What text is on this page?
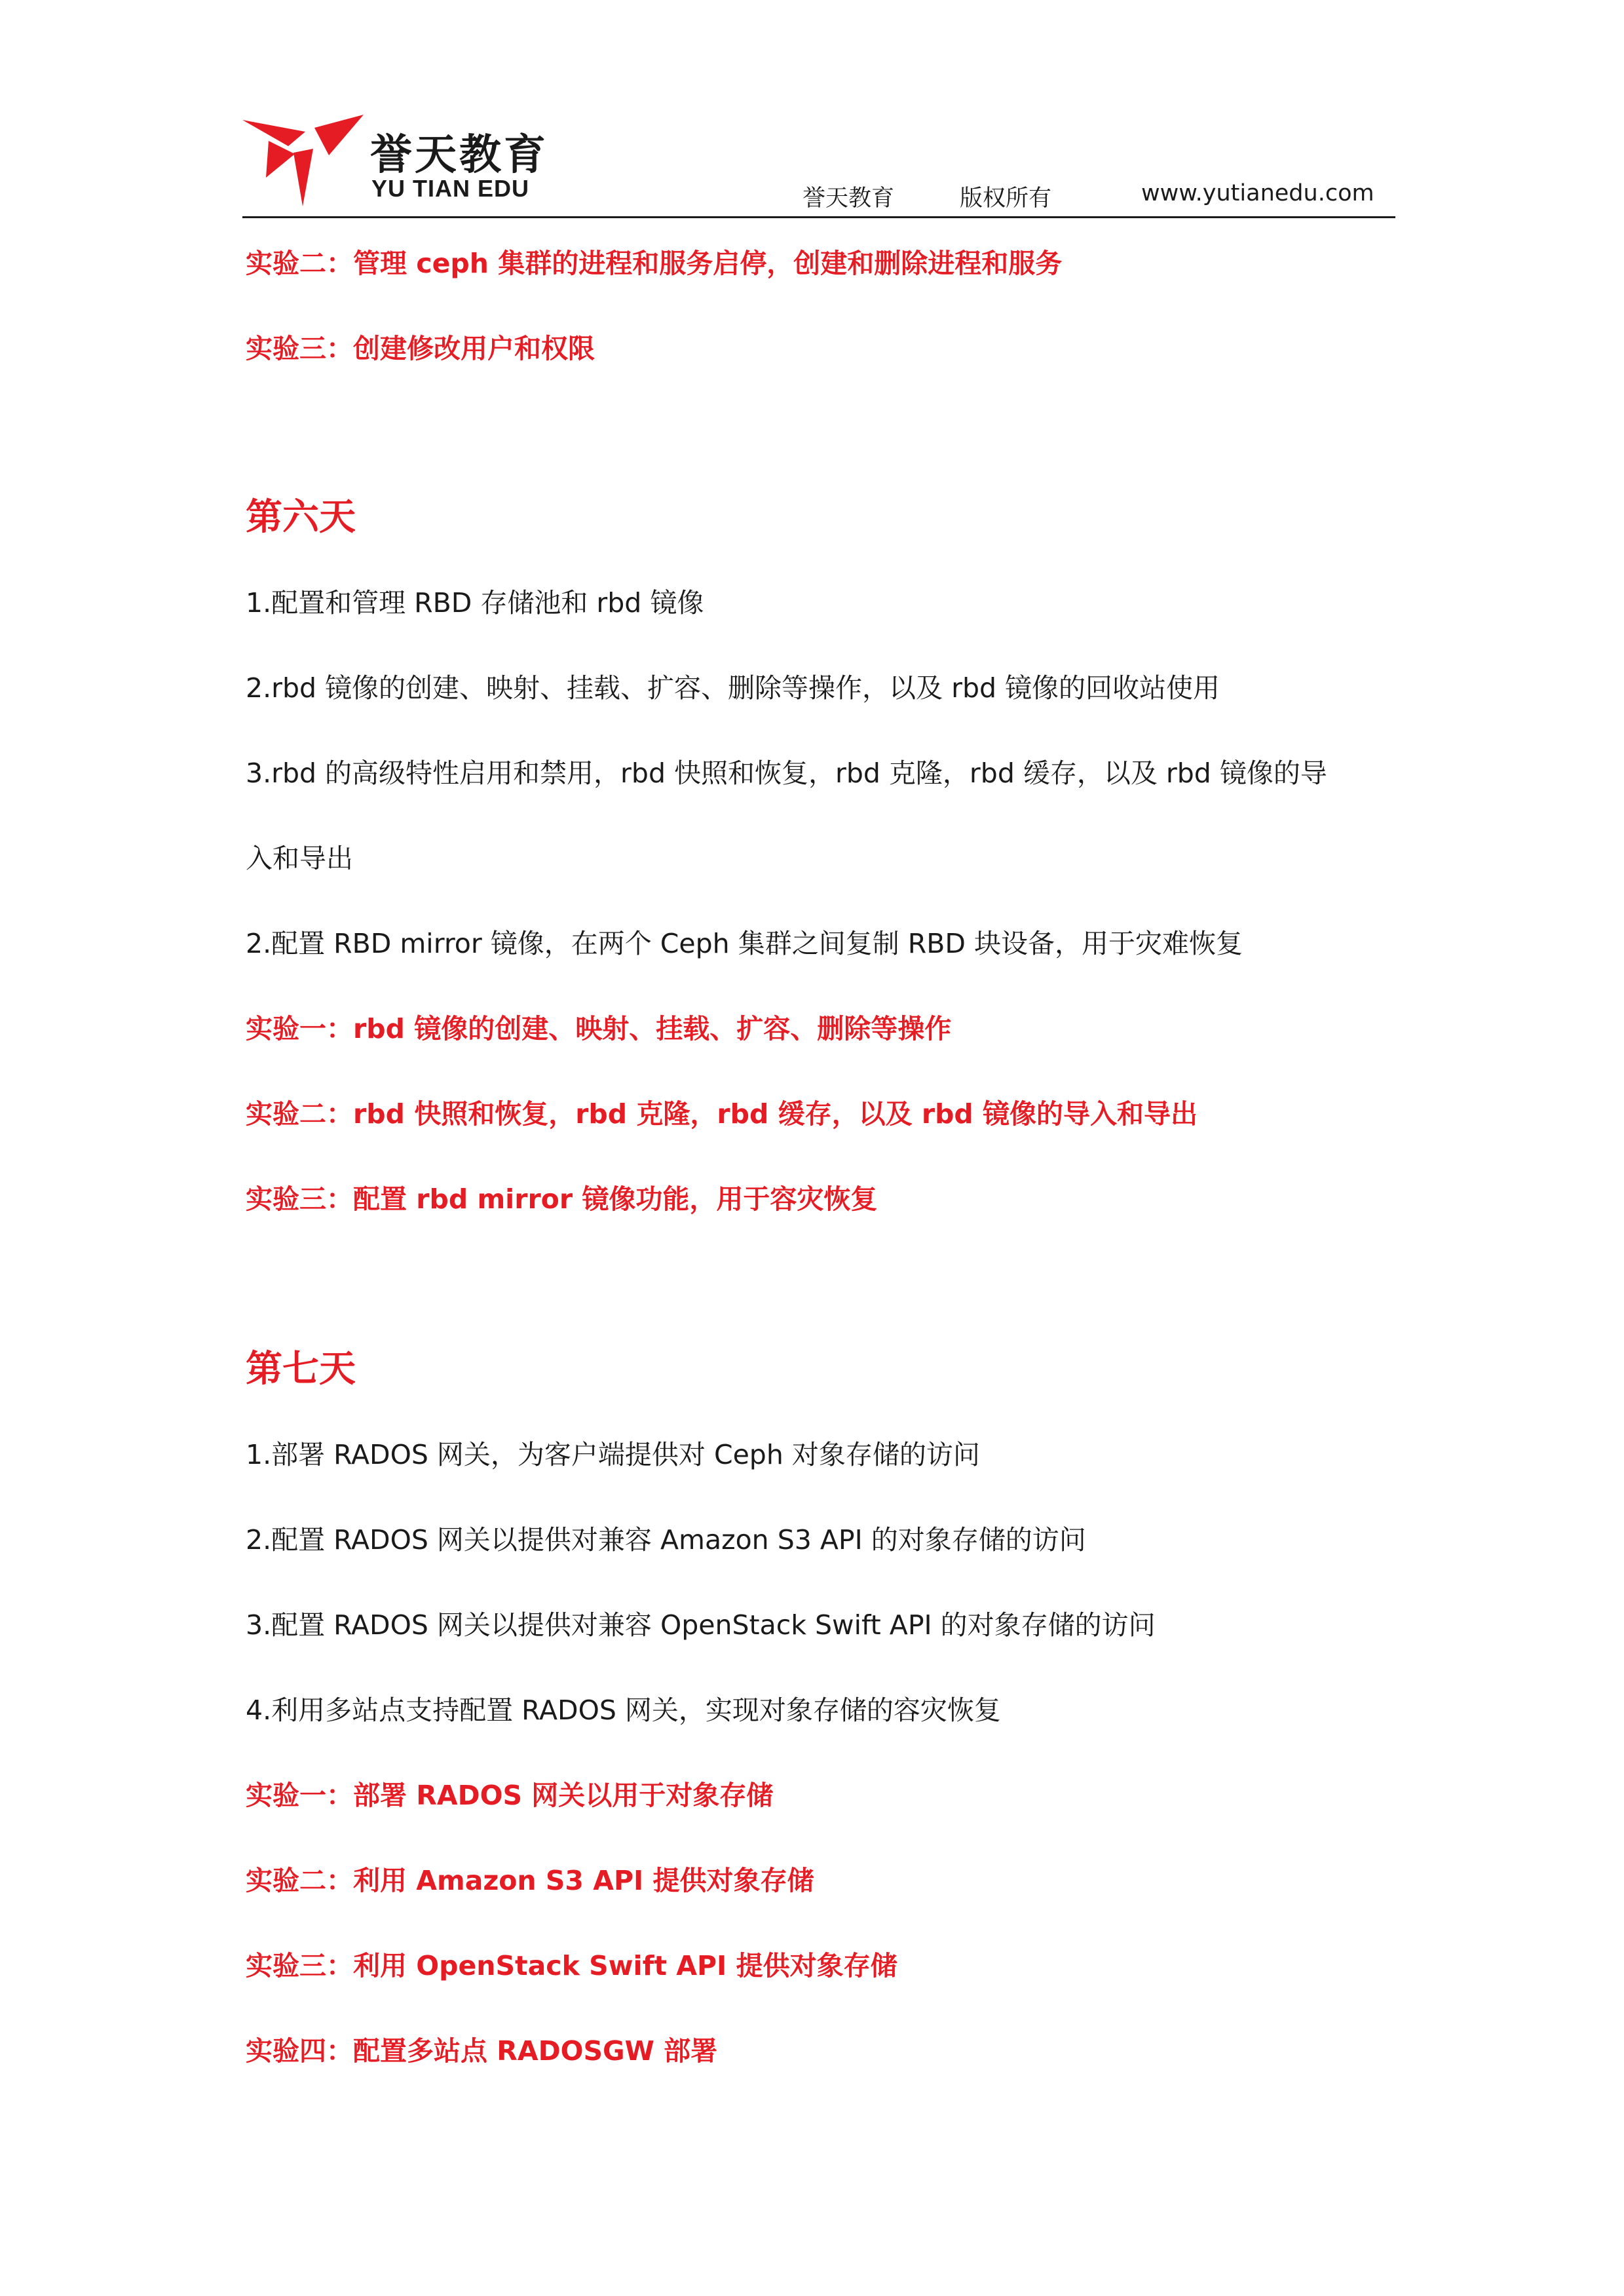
誉天教育
YU TIAN EDU	誉天教育	版权所有	www.yutianedu.com
实验二：管理 ceph 集群的进程和服务启停，创建和删除进程和服务
实验三：创建修改用户和权限
第六天
1.配置和管理 RBD 存储池和 rbd 镜像
2.rbd 镜像的创建、映射、挂载、扩容、删除等操作，以及 rbd 镜像的回收站使用
3.rbd 的高级特性启用和禁用，rbd 快照和恢复，rbd 克隆，rbd 缓存，以及 rbd 镜像的导
入和导出
2.配置 RBD mirror 镜像，在两个 Ceph 集群之间复制 RBD 块设备，用于灾难恢复
实验一：rbd 镜像的创建、映射、挂载、扩容、删除等操作
实验二：rbd 快照和恢复，rbd 克隆，rbd 缓存，以及 rbd 镜像的导入和导出
实验三：配置 rbd mirror 镜像功能，用于容灾恢复
第七天
1.部署 RADOS 网关，为客户端提供对 Ceph 对象存储的访问
2.配置 RADOS 网关以提供对兼容 Amazon S3 API 的对象存储的访问
3.配置 RADOS 网关以提供对兼容 OpenStack Swift API 的对象存储的访问
4.利用多站点支持配置 RADOS 网关，实现对象存储的容灾恢复
实验一：部署 RADOS 网关以用于对象存储
实验二：利用 Amazon S3 API 提供对象存储
实验三：利用 OpenStack Swift API 提供对象存储
实验四：配置多站点 RADOSGW 部署
